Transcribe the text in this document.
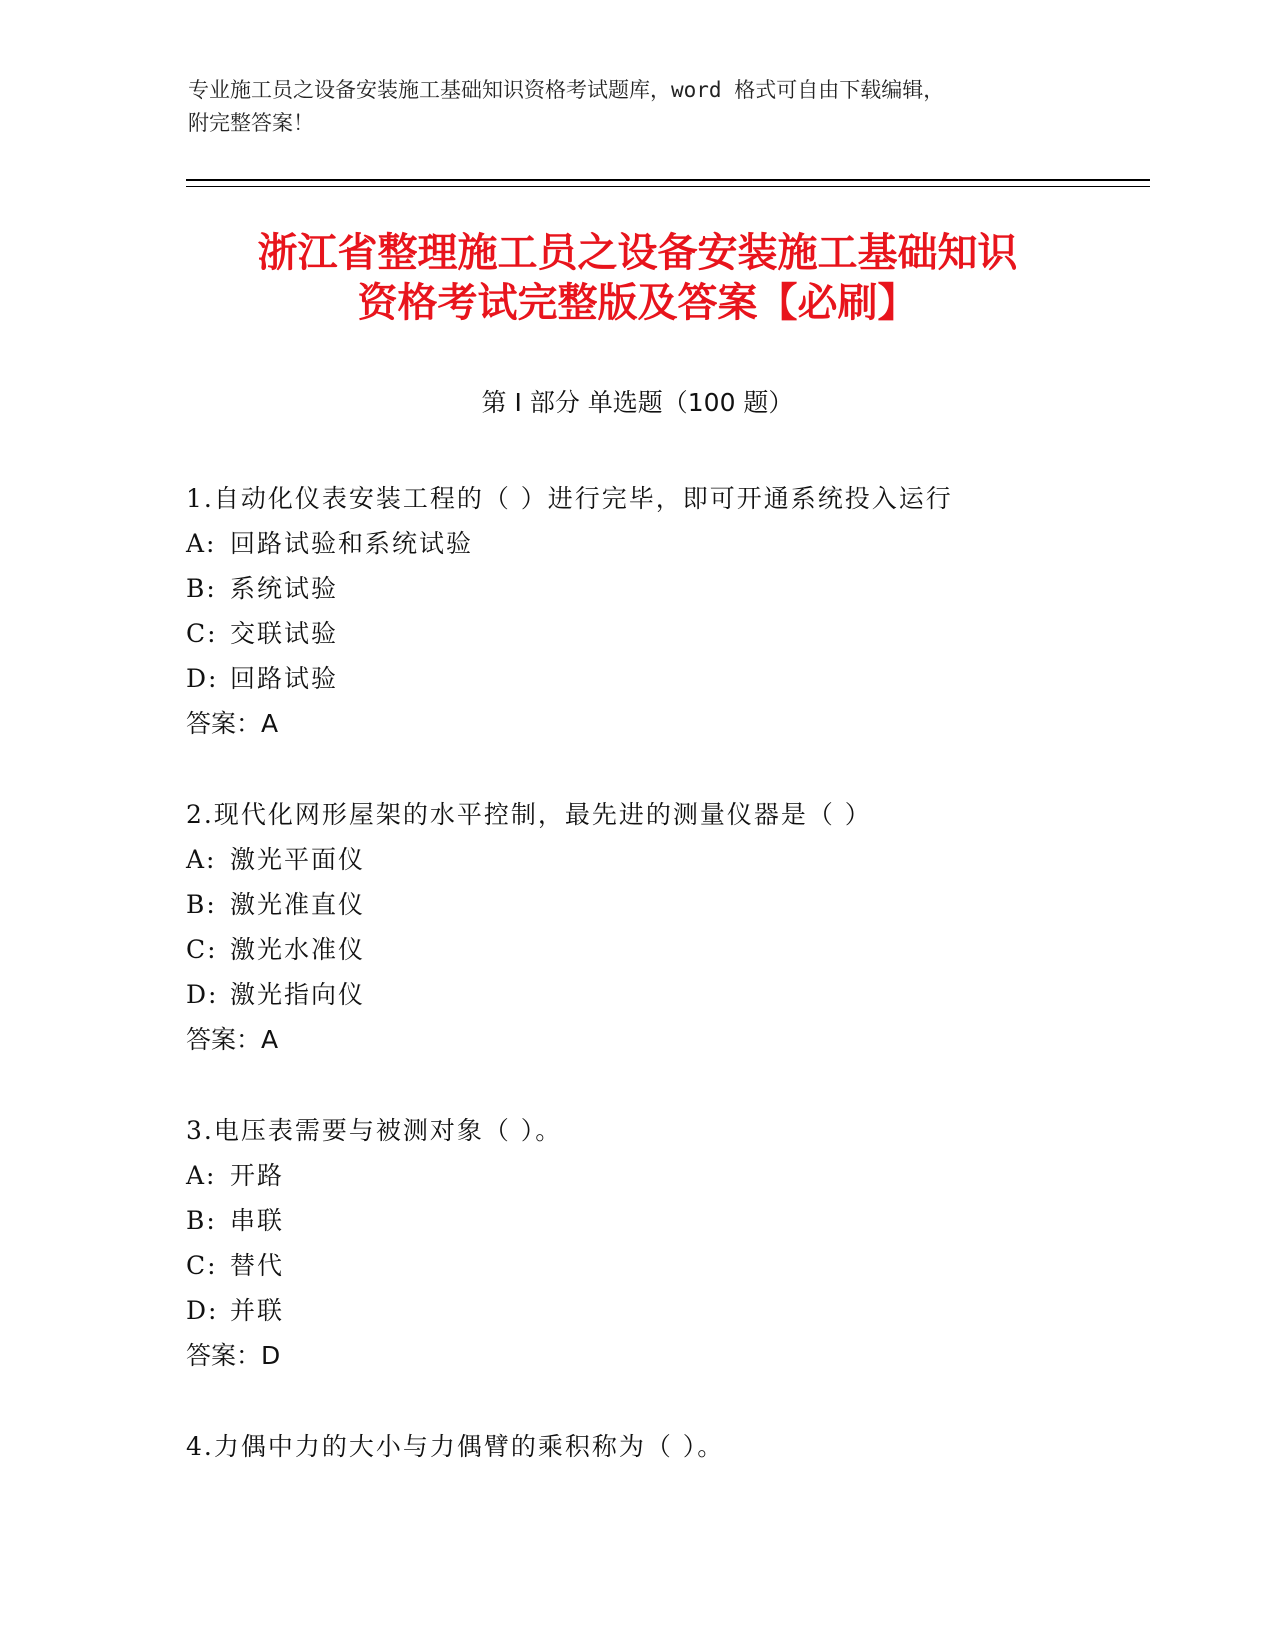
专业施工员之设备安装施工基础知识资格考试题库，word 格式可自由下载编辑，
附完整答案！
浙江省整理施工员之设备安装施工基础知识
资格考试完整版及答案【必刷】
第 I 部分 单选题（100 题）
1.自动化仪表安装工程的（ ）进行完毕，即可开通系统投入运行
A: 回路试验和系统试验
B: 系统试验
C: 交联试验
D: 回路试验
答案：A
2.现代化网形屋架的水平控制，最先进的测量仪器是（ ）
A: 激光平面仪
B: 激光准直仪
C: 激光水准仪
D: 激光指向仪
答案：A
3.电压表需要与被测对象（ ）。
A: 开路
B: 串联
C: 替代
D: 并联
答案：D
4.力偶中力的大小与力偶臂的乘积称为（ ）。
